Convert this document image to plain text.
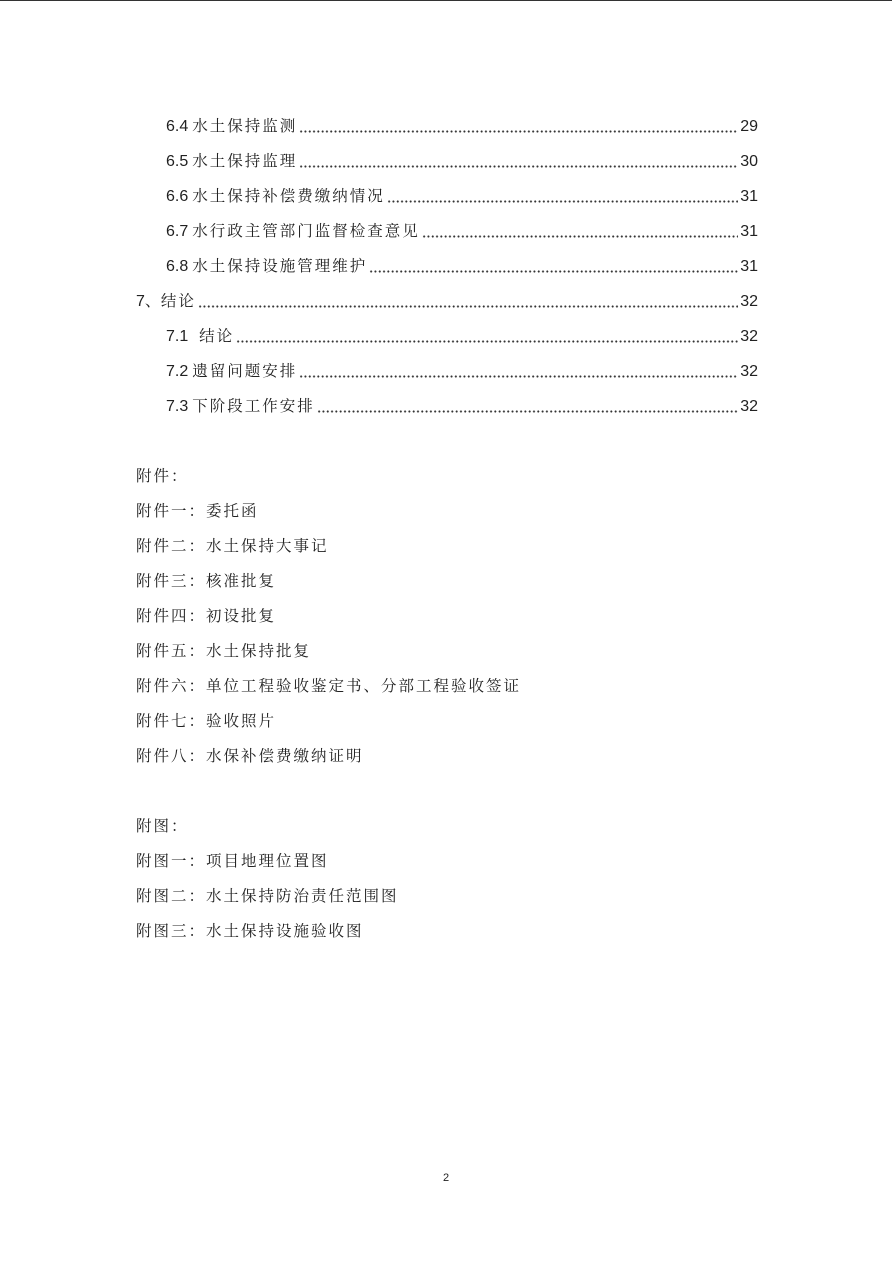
6.4 水土保持监测	29
6.5 水土保持监理	30
6.6 水土保持补偿费缴纳情况	31
6.7 水行政主管部门监督检查意见	31
6.8 水土保持设施管理维护	31
7、 结论	32
7.1 结论	32
7.2 遗留问题安排	32
7.3 下阶段工作安排	32
附件：
附件一：委托函
附件二：水土保持大事记
附件三：核准批复
附件四：初设批复
附件五：水土保持批复
附件六：单位工程验收鉴定书、分部工程验收签证
附件七：验收照片
附件八：水保补偿费缴纳证明
附图：
附图一：项目地理位置图
附图二：水土保持防治责任范围图
附图三：水土保持设施验收图
2
